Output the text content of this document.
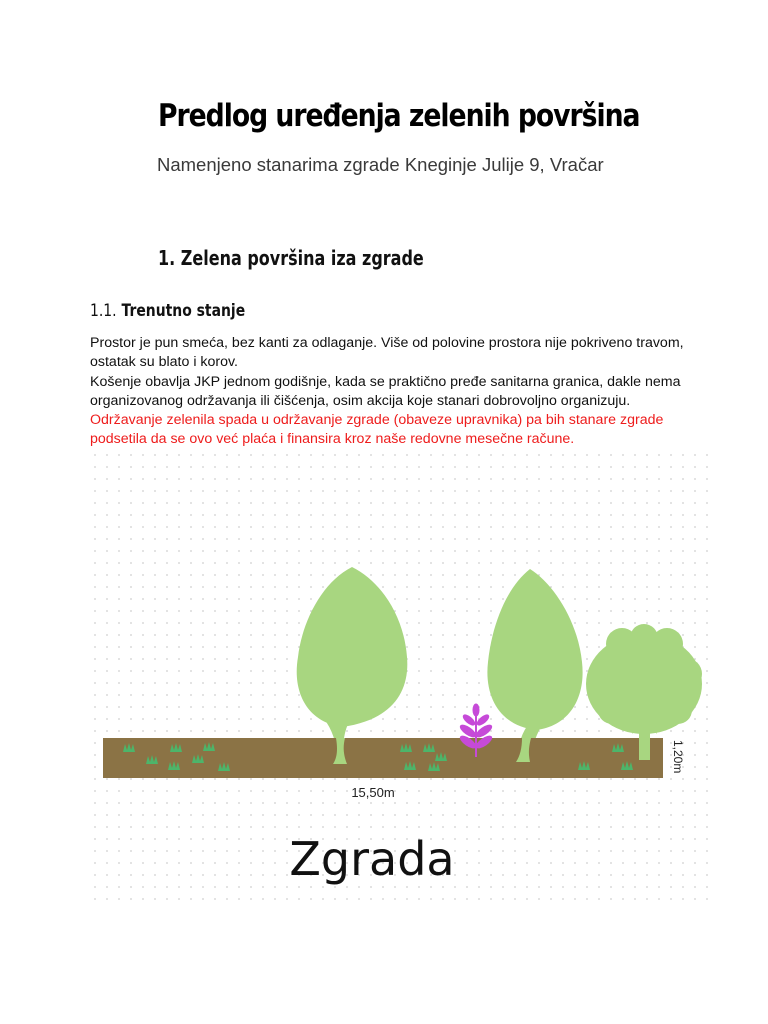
Predlog uređenja zelenih površina
Namenjeno stanarima zgrade Kneginje Julije 9, Vračar
1. Zelena površina iza zgrade
1.1. Trenutno stanje

Prostor je pun smeća, bez kanti za odlaganje. Više od polovine prostora nije pokriveno travom,

ostatak su blato i korov.

Košenje obavlja JKP jednom godišnje, kada se praktično pređe sanitarna granica, dakle nema

organizovanog održavanja ili čišćenja, osim akcija koje stanari dobrovoljno organizuju.

Održavanje zelenila spada u održavanje zgrade (obaveze upravnika) pa bih stanare zgrade

podsetila da se ovo već plaća i finansira kroz naše redovne mesečne račune.

15,50m
1,20m
Zgrada
